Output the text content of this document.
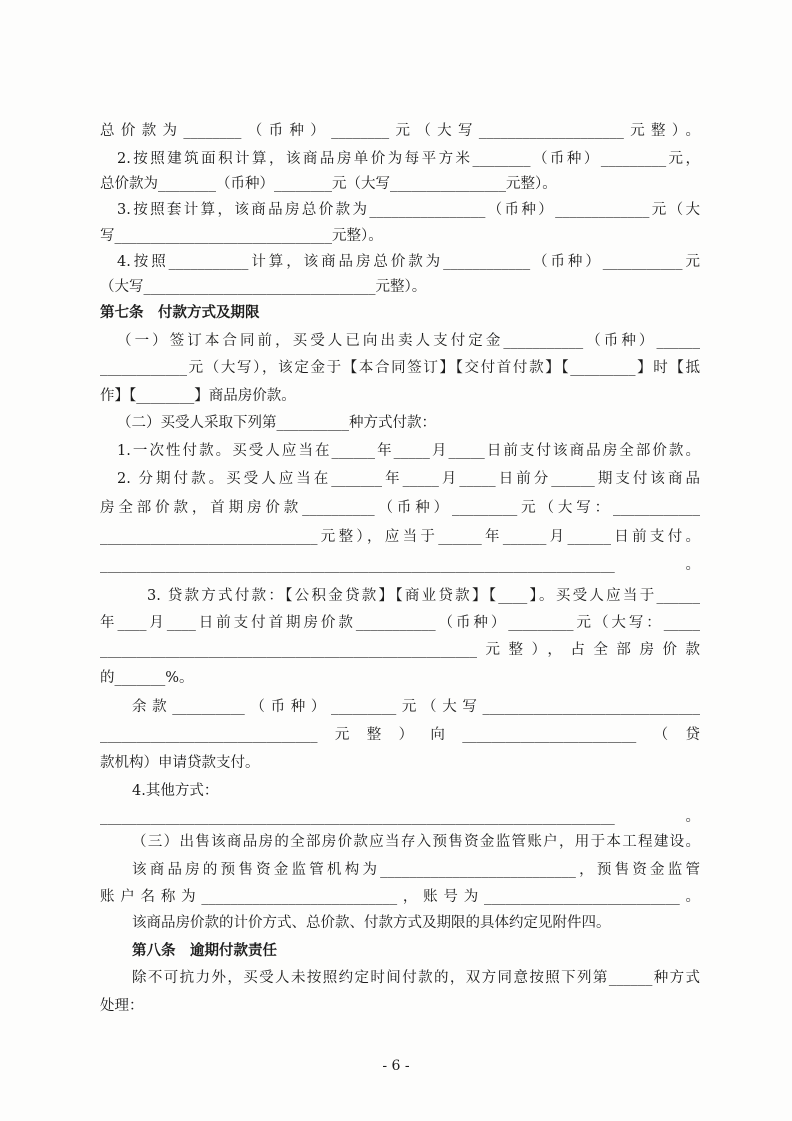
总价款为________（币种）________元（大写____________________元整）。
2.按照建筑面积计算，该商品房单价为每平方米________（币种）_________元，
总价款为________（币种）________元（大写________________元整）。
3.按照套计算，该商品房总价款为________________（币种）_____________元（大
写______________________________元整）。
4.按照___________计算，该商品房总价款为____________（币种）___________元
（大写________________________________元整）。
第七条　付款方式及期限
（一）签订本合同前，买受人已向出卖人支付定金___________（币种）______
____________元（大写），该定金于【本合同签订】【交付首付款】【_________】时【抵
作】【________】商品房价款。
（二）买受人采取下列第__________种方式付款：
1.一次性付款。买受人应当在______年_____月_____日前支付该商品房全部价款。
2. 分期付款。买受人应当在_______年_____月_____日前分______期支付该商品
房全部价款，首期房价款__________（币种）_________元（大写：____________
______________________________元整），应当于______年______月______日前支付。
_______________________________________________________________________。
3. 贷款方式付款：【公积金贷款】【商业贷款】【____】。买受人应当于______
年____月____日前支付首期房价款___________（币种）_________元（大写：_____
____________________________________________________元整），占全部房价款
的_______%。
余款__________（币种）_________元（大写______________________________
______________________________元整）向________________________（贷
款机构）申请贷款支付。
4.其他方式：
_______________________________________________________________________。
（三）出售该商品房的全部房价款应当存入预售资金监管账户，用于本工程建设。
该商品房的预售资金监管机构为___________________________，预售资金监管
账户名称为___________________________，账号为___________________________。
该商品房价款的计价方式、总价款、付款方式及期限的具体约定见附件四。
第八条　逾期付款责任
除不可抗力外，买受人未按照约定时间付款的，双方同意按照下列第______种方式
处理：
- 6 -
